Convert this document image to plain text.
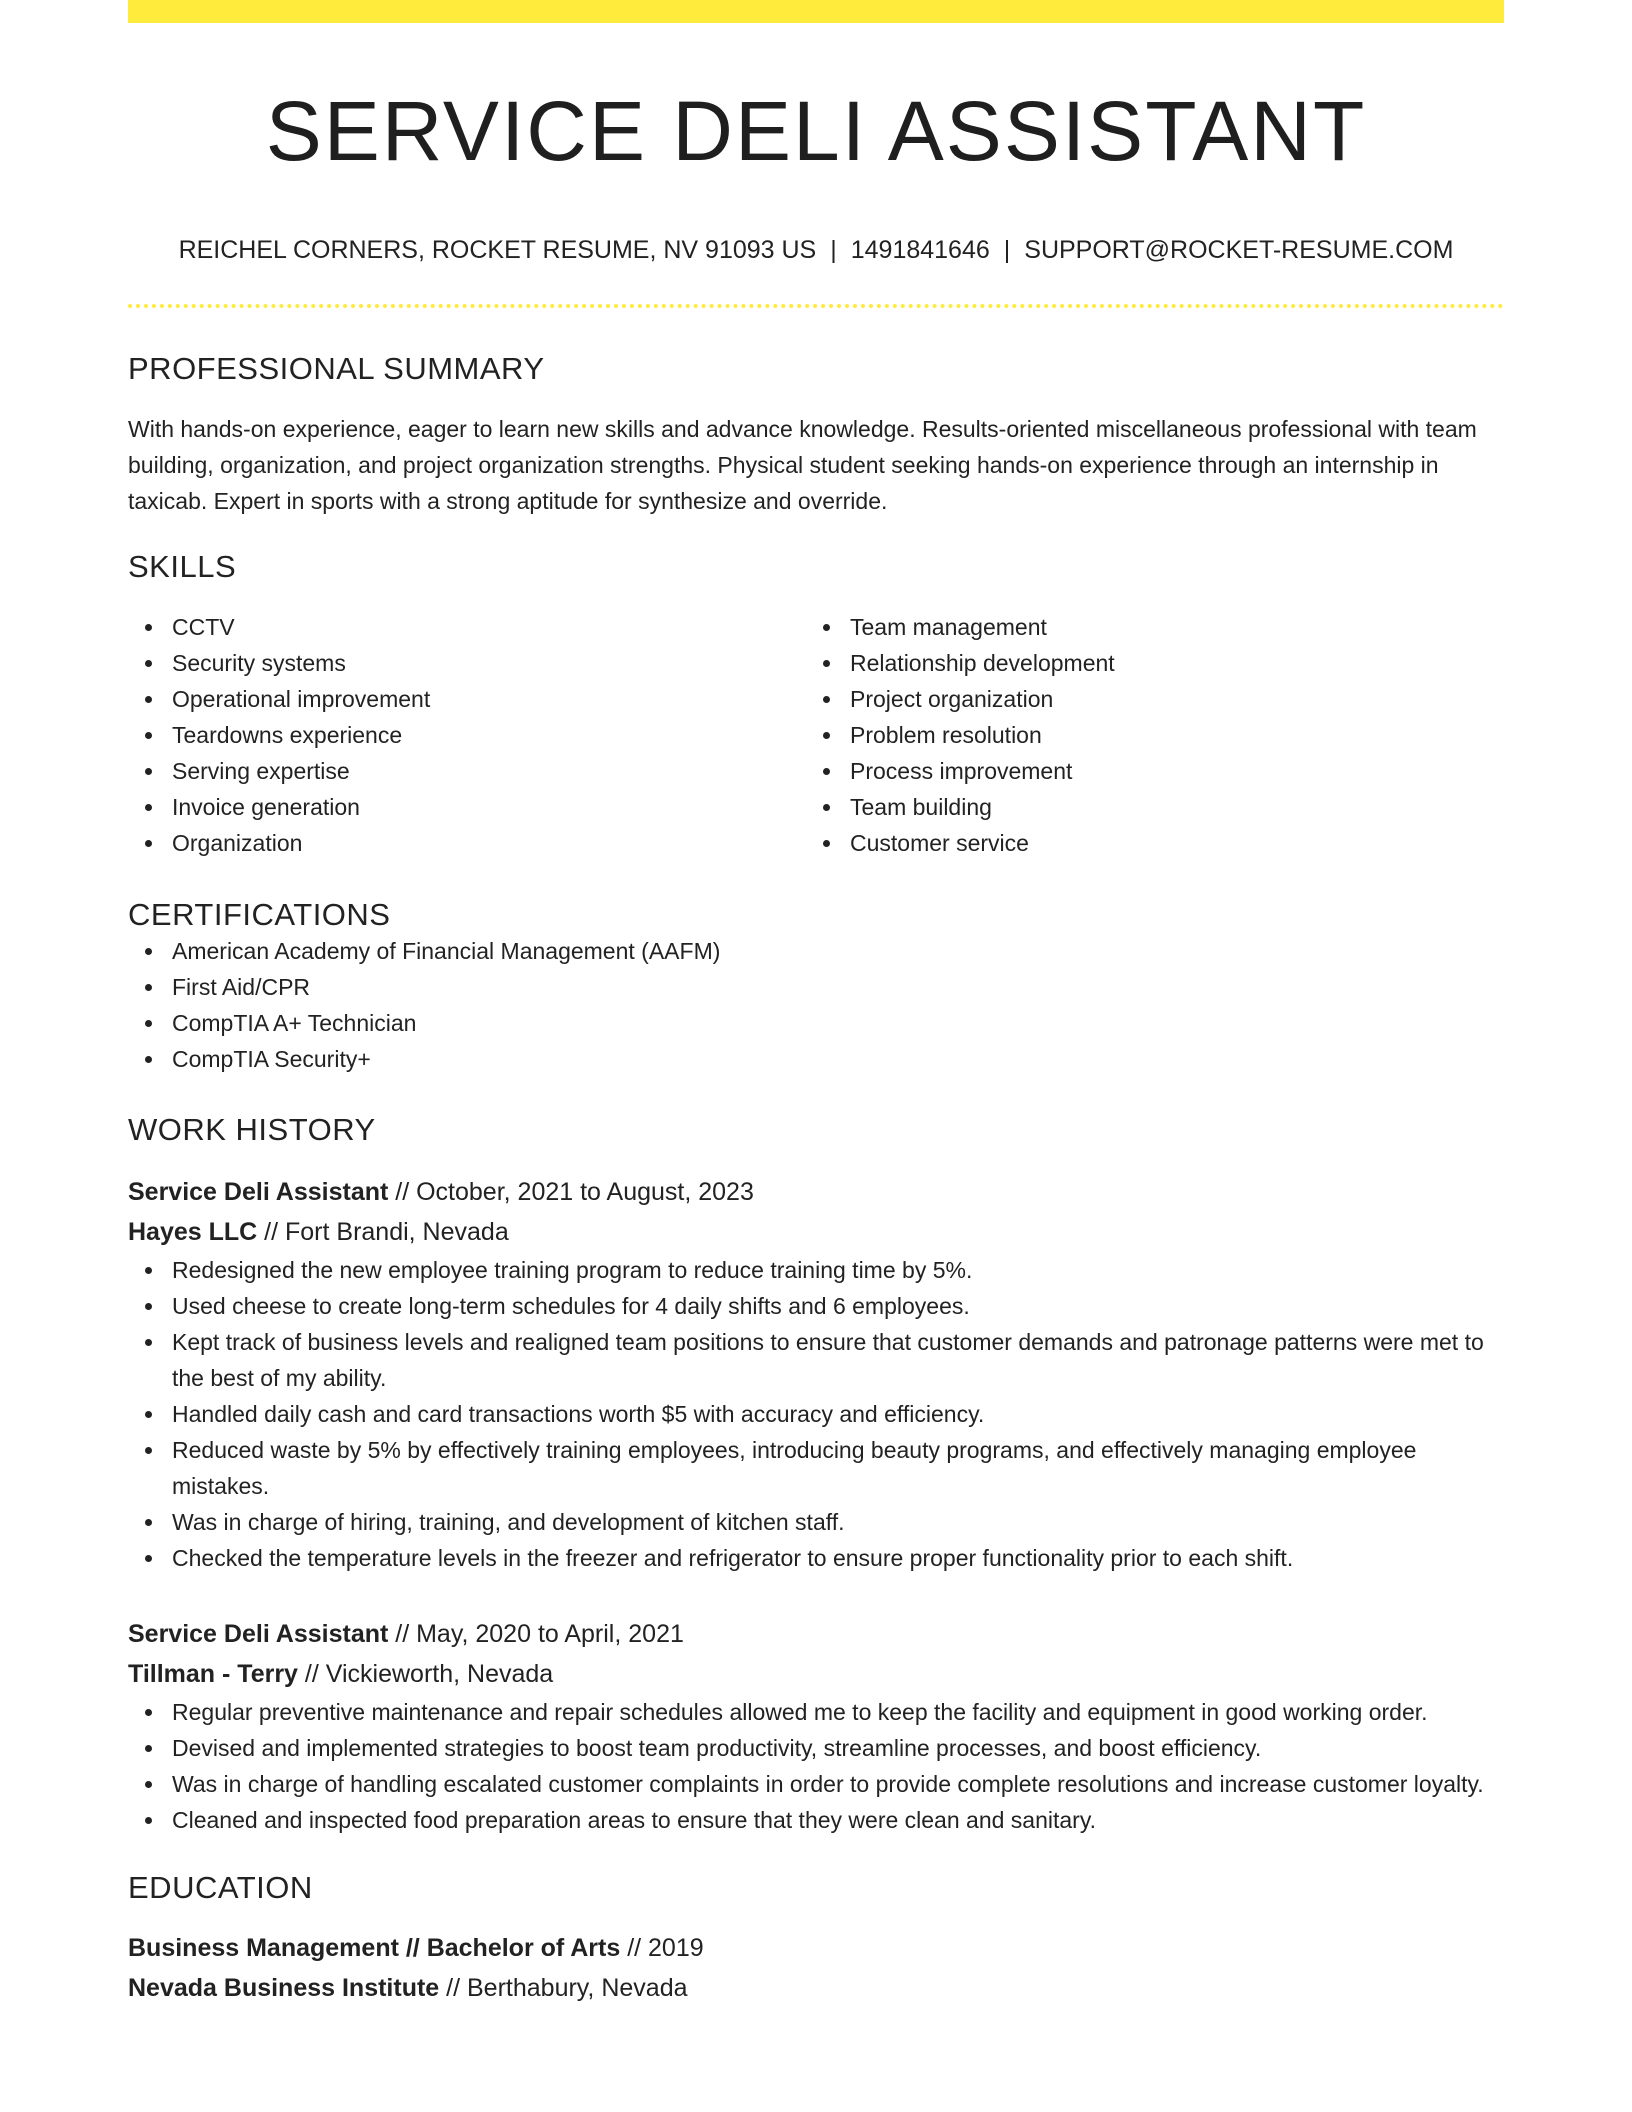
SERVICE DELI ASSISTANT
REICHEL CORNERS, ROCKET RESUME, NV 91093 US | 1491841646 | SUPPORT@ROCKET-RESUME.COM
PROFESSIONAL SUMMARY

With hands-on experience, eager to learn new skills and advance knowledge. Results-oriented miscellaneous professional with team building, organization, and project organization strengths. Physical student seeking hands-on experience through an internship in taxicab. Expert in sports with a strong aptitude for synthesize and override.

SKILLS
CCTV
Security systems
Operational improvement
Teardowns experience
Serving expertise
Invoice generation
Organization
Team management
Relationship development
Project organization
Problem resolution
Process improvement
Team building
Customer service
CERTIFICATIONS
American Academy of Financial Management (AAFM)
First Aid/CPR
CompTIA A+ Technician
CompTIA Security+
WORK HISTORY
Service Deli Assistant // October, 2021 to August, 2023
Hayes LLC // Fort Brandi, Nevada
Redesigned the new employee training program to reduce training time by 5%.
Used cheese to create long-term schedules for 4 daily shifts and 6 employees.
Kept track of business levels and realigned team positions to ensure that customer demands and patronage patterns were met to the best of my ability.
Handled daily cash and card transactions worth $5 with accuracy and efficiency.
Reduced waste by 5% by effectively training employees, introducing beauty programs, and effectively managing employee mistakes.
Was in charge of hiring, training, and development of kitchen staff.
Checked the temperature levels in the freezer and refrigerator to ensure proper functionality prior to each shift.
Service Deli Assistant // May, 2020 to April, 2021
Tillman - Terry // Vickieworth, Nevada
Regular preventive maintenance and repair schedules allowed me to keep the facility and equipment in good working order.
Devised and implemented strategies to boost team productivity, streamline processes, and boost efficiency.
Was in charge of handling escalated customer complaints in order to provide complete resolutions and increase customer loyalty.
Cleaned and inspected food preparation areas to ensure that they were clean and sanitary.
EDUCATION
Business Management // Bachelor of Arts // 2019
Nevada Business Institute // Berthabury, Nevada
